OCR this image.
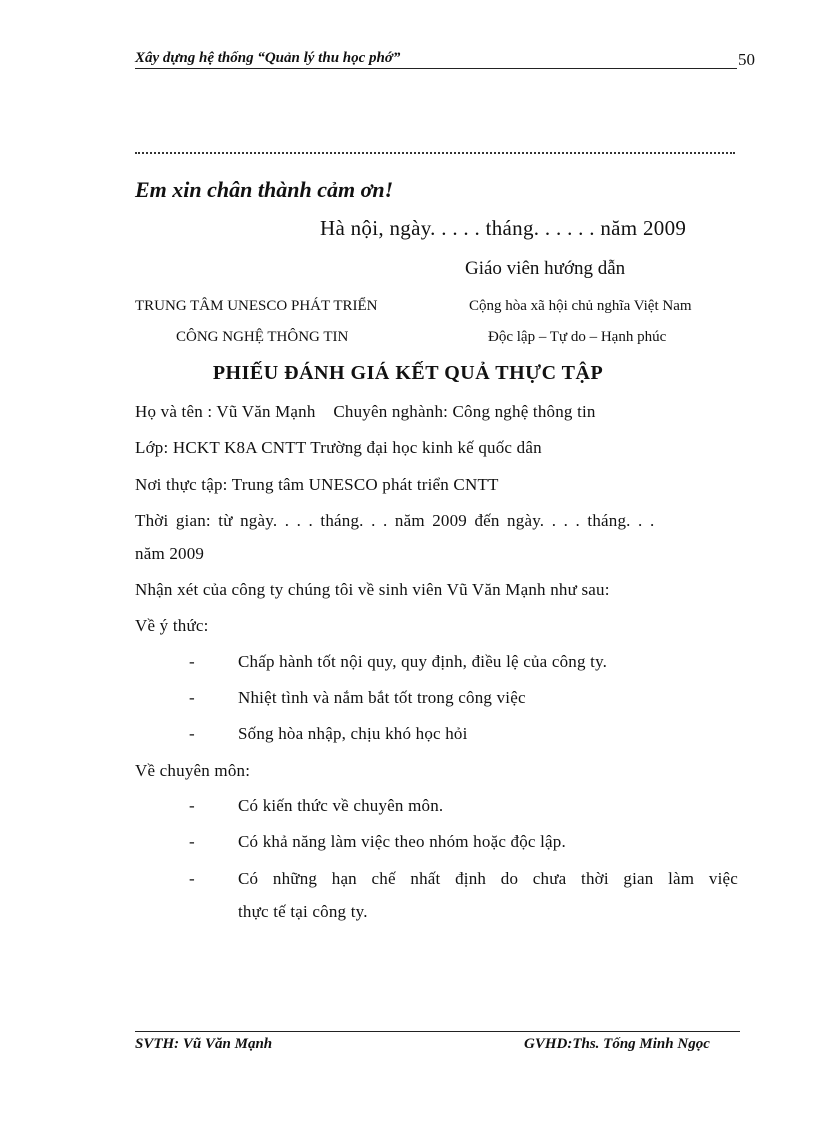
Xây dựng hệ thống “Quản lý thu học phớ”	50
Em xin chân thành cảm ơn!
Hà nội, ngày. . . . . tháng. . . . . . năm 2009
Giáo viên hướng dẫn
TRUNG TÂM UNESCO PHÁT TRIỂN
CÔNG NGHỆ THÔNG TIN
Cộng hòa xã hội chủ nghĩa Việt Nam
Độc lập – Tự do – Hạnh phúc
PHIẾU ĐÁNH GIÁ KẾT QUẢ THỰC TẬP
Họ và tên : Vũ Văn Mạnh    Chuyên nghành: Công nghệ thông tin
Lớp: HCKT K8A CNTT Trường đại học kinh kế quốc dân
Nơi thực tập: Trung tâm UNESCO phát triển CNTT
Thời gian: từ ngày. . . . tháng. . . năm 2009 đến ngày. . . . tháng. . .
năm 2009
Nhận xét của công ty chúng tôi về sinh viên Vũ Văn Mạnh như sau:
Về ý thức:
-	Chấp hành tốt nội quy, quy định, điều lệ của công ty.
-	Nhiệt tình và nắm bắt tốt trong công việc
-	Sống hòa nhập, chịu khó học hỏi
Về chuyên môn:
-	Có kiến thức về chuyên môn.
-	Có khả năng làm việc theo nhóm hoặc độc lập.
-	Có những hạn chế nhất định do chưa thời gian làm việc
thực tế tại công ty.
SVTH: Vũ Văn Mạnh	GVHD:Ths. Tống Minh Ngọc
